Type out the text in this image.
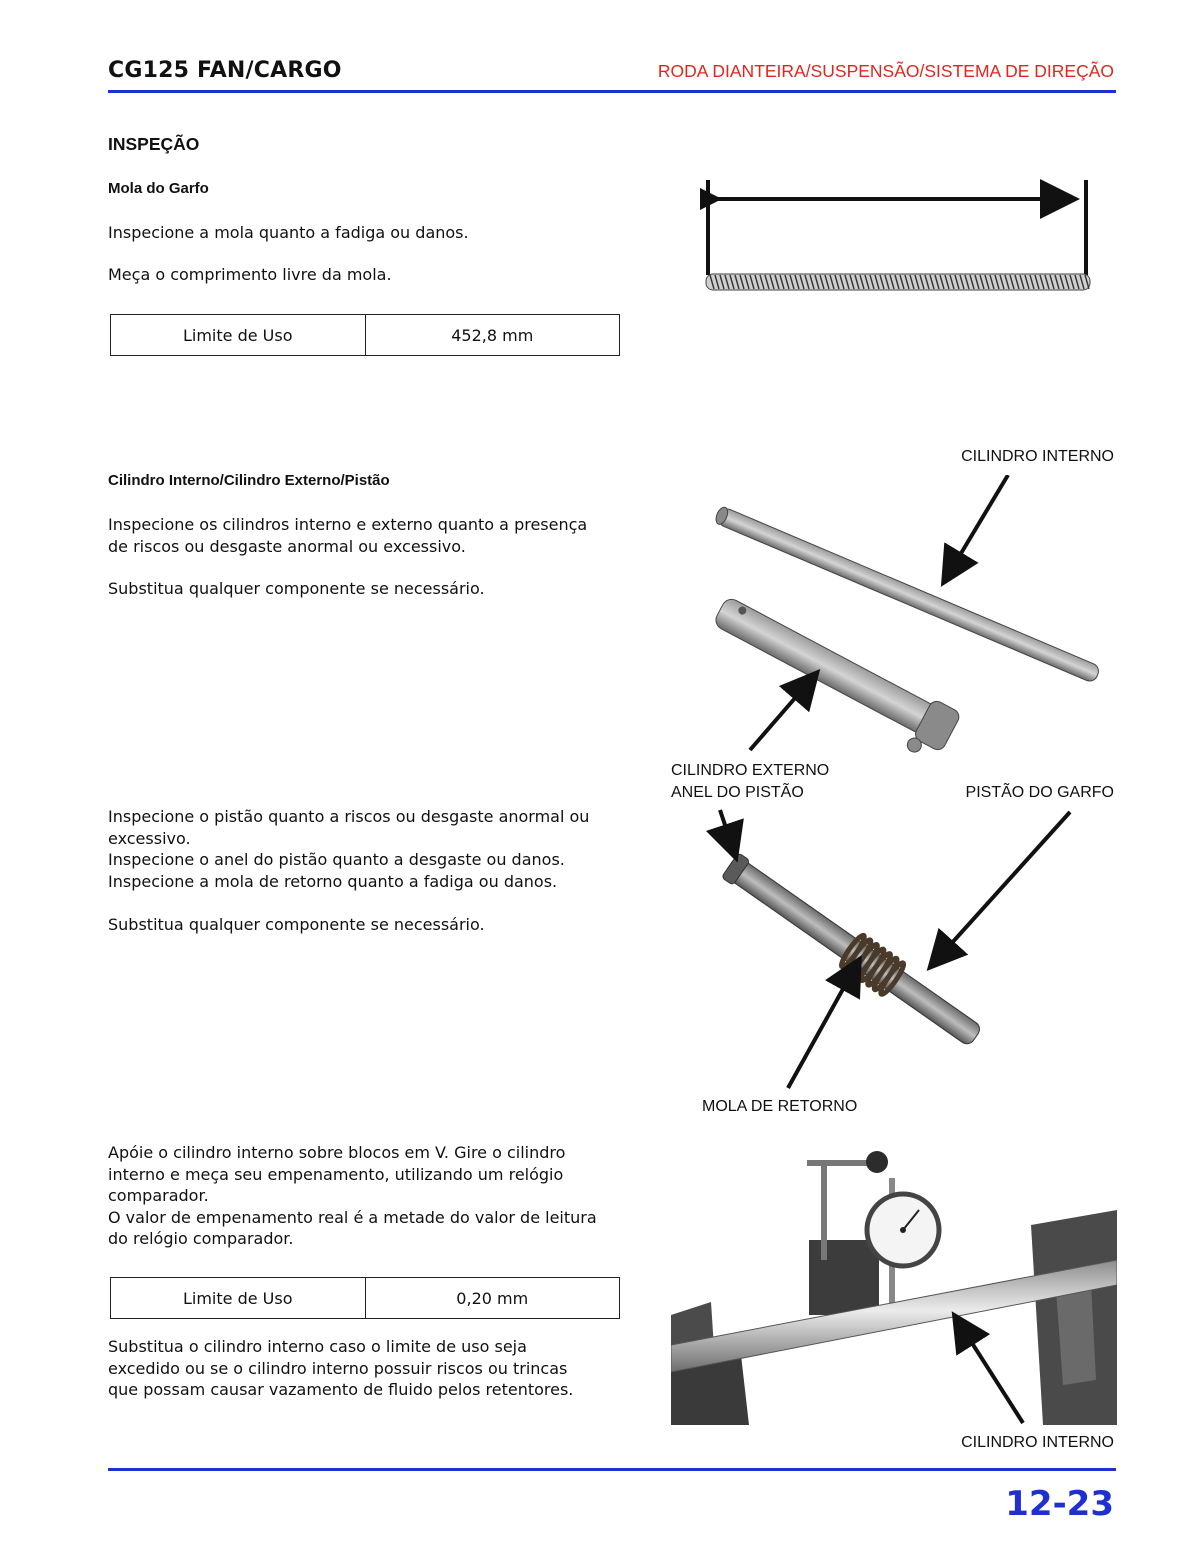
CG125 FAN/CARGO	RODA DIANTEIRA/SUSPENSÃO/SISTEMA DE DIREÇÃO
INSPEÇÃO
Mola do Garfo
Inspecione a mola quanto a fadiga ou danos.
Meça o comprimento livre da mola.
Limite de Uso	452,8 mm
Cilindro Interno/Cilindro Externo/Pistão
Inspecione os cilindros interno e externo quanto a presença
de riscos ou desgaste anormal ou excessivo.
Substitua qualquer componente se necessário.
Inspecione o pistão quanto a riscos ou desgaste anormal ou
excessivo.
Inspecione o anel do pistão quanto a desgaste ou danos.
Inspecione a mola de retorno quanto a fadiga ou danos.
Substitua qualquer componente se necessário.
Apóie o cilindro interno sobre blocos em V. Gire o cilindro
interno e meça seu empenamento, utilizando um relógio
comparador.
O valor de empenamento real é a metade do valor de leitura
do relógio comparador.
Limite de Uso	0,20 mm
Substitua o cilindro interno caso o limite de uso seja
excedido ou se o cilindro interno possuir riscos ou trincas
que possam causar vazamento de fluido pelos retentores.
CILINDRO INTERNO
CILINDRO EXTERNO
ANEL DO PISTÃO	PISTÃO DO GARFO
MOLA DE RETORNO
CILINDRO INTERNO
12-23
